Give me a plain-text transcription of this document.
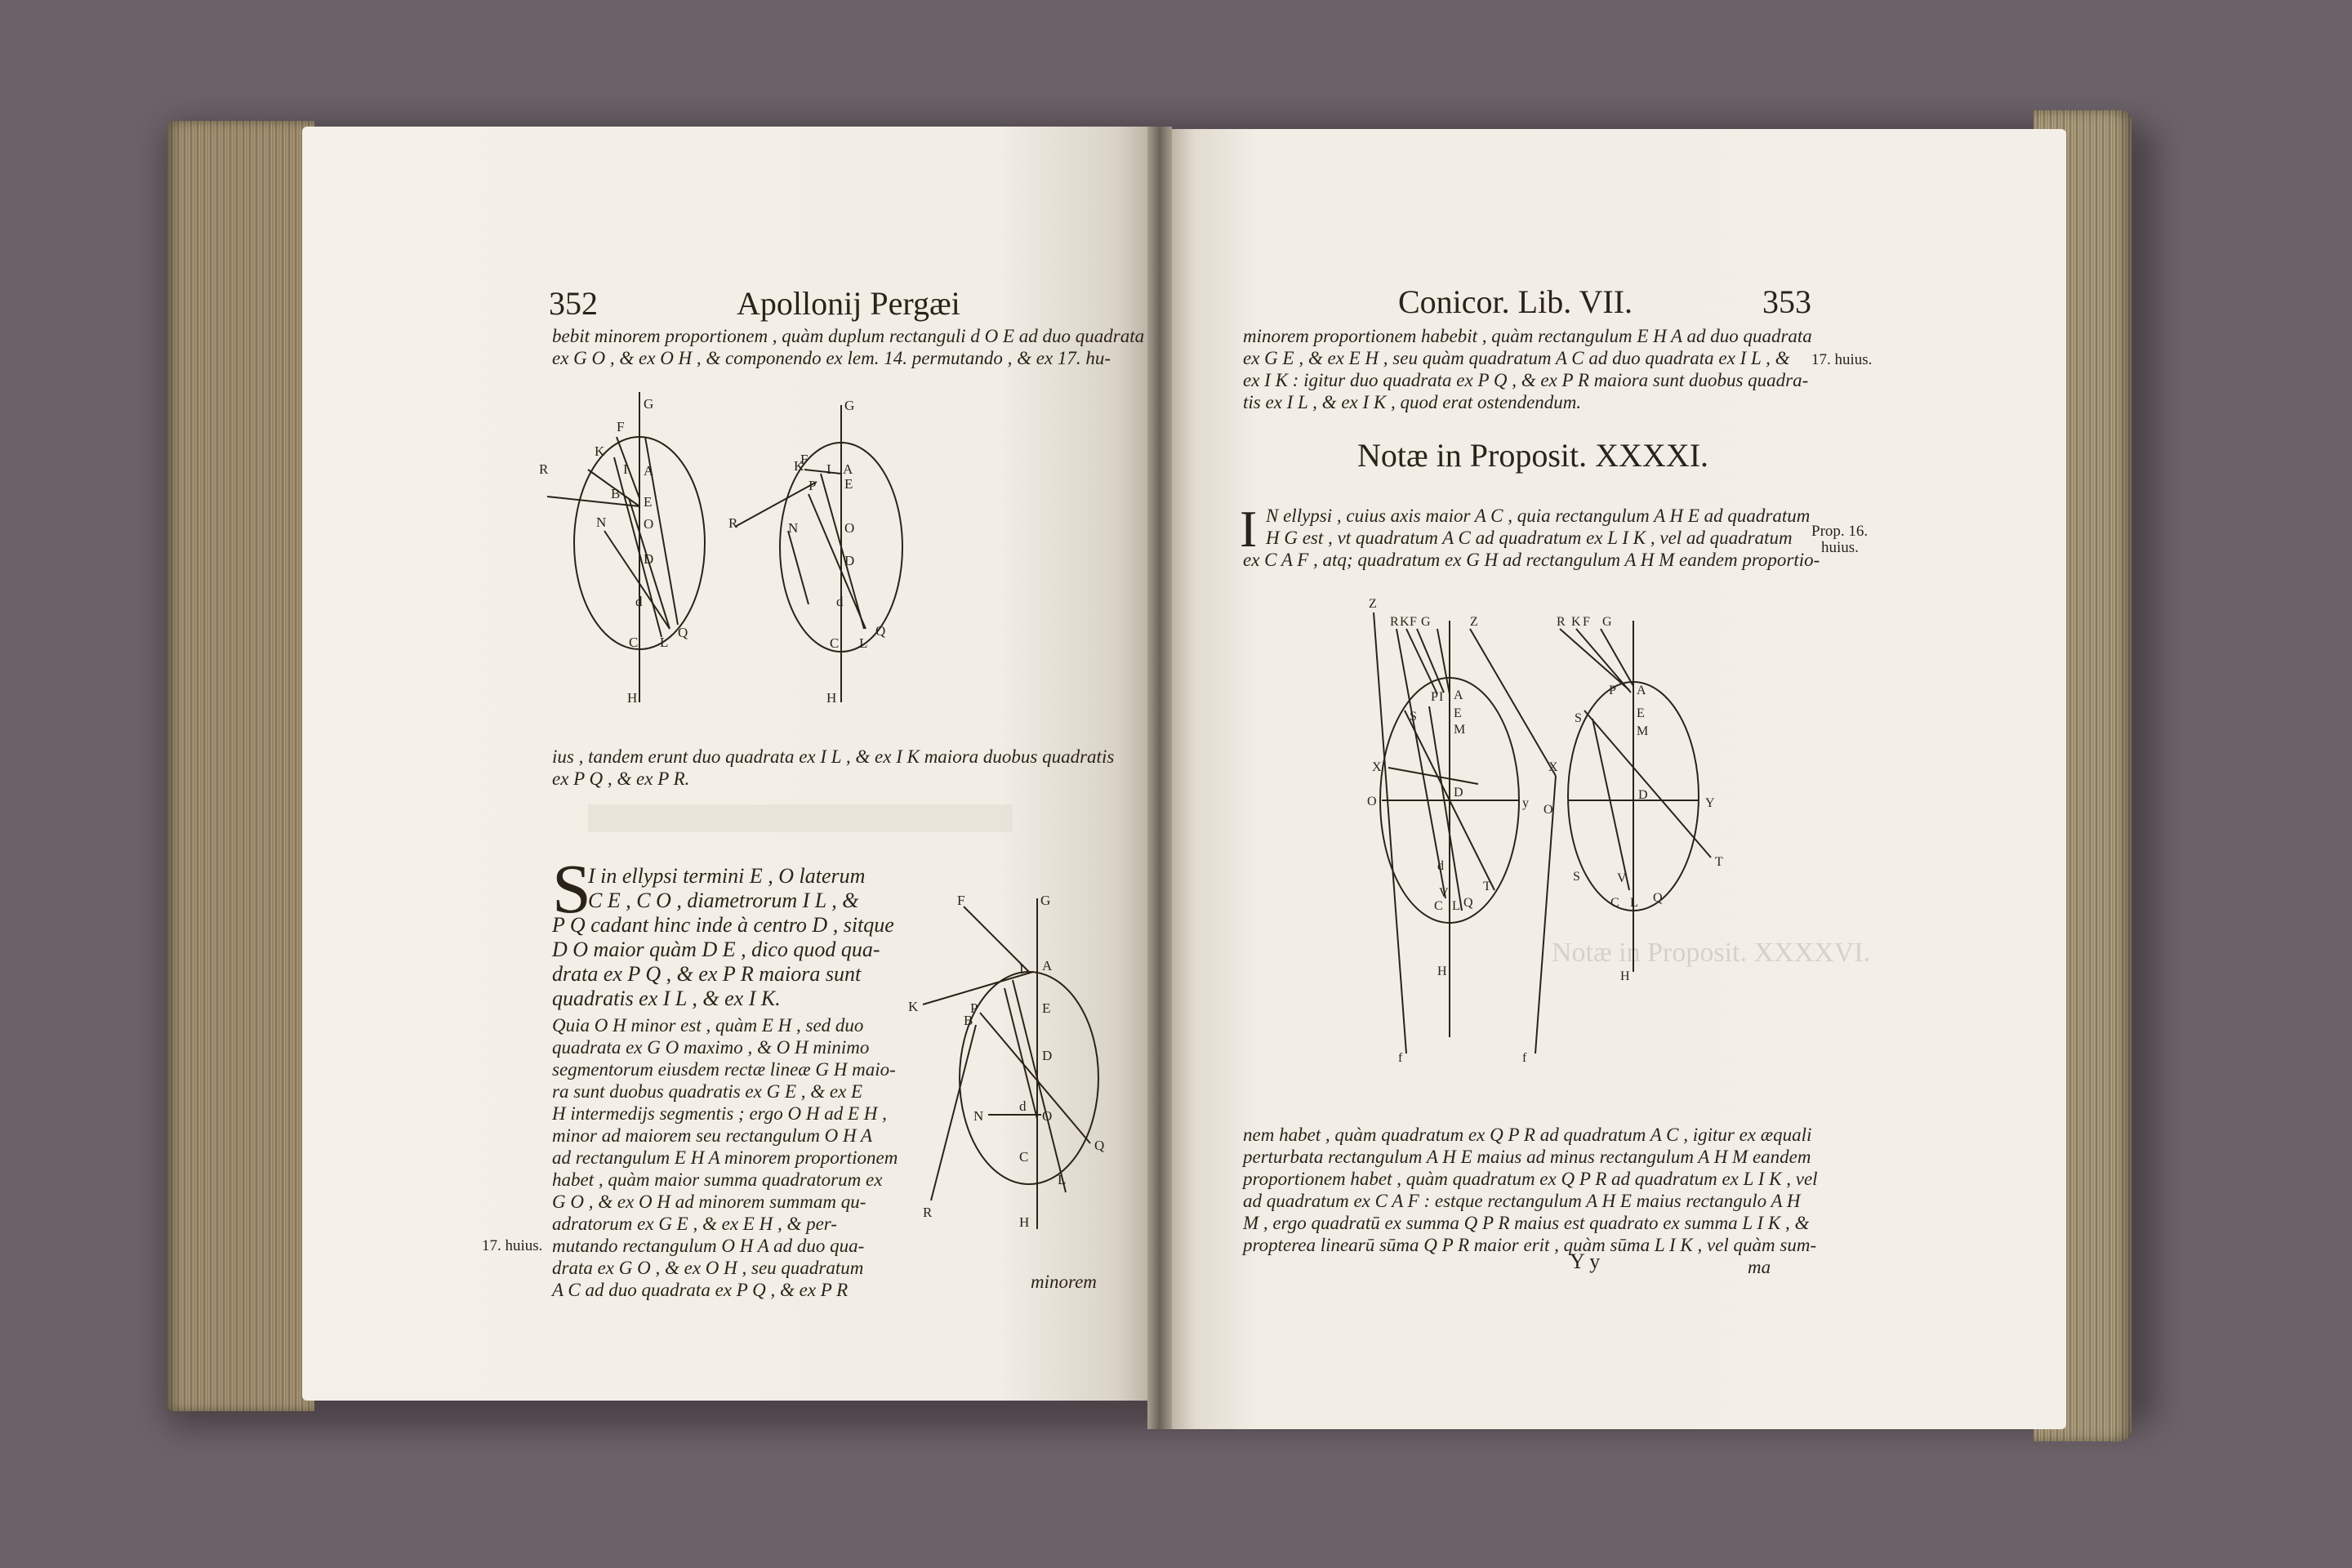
352	Apollonij Pergæi

bebit minorem proportionem , quàm duplum rectanguli d O E ad duo quadrata

ex G O , & ex O H , & componendo ex lem. 14. permutando , & ex 17. hu-

G
F
K
R	I A
B
E
N	O
D
d
C L
Q
H
G
K
F
I A
P E
R	N	O
D
d
C L
Q
H

ius , tandem erunt duo quadrata ex I L , & ex I K maiora duobus quadratis

ex P Q , & ex P R.

S

I in ellypsi termini E , O laterum

C E , C O , diametrorum I L , &

P Q cadant hinc inde à centro D , sitque

D O maior quàm D E , dico quod qua-

drata ex P Q , & ex P R maiora sunt

quadratis ex I L , & ex I K.

Quia O H minor est , quàm E H , sed duo

quadrata ex G O maximo , & O H minimo

segmentorum eiusdem rectæ lineæ G H maio-

ra sunt duobus quadratis ex G E , & ex E

H intermedijs segmentis ; ergo O H ad E H ,

minor ad maiorem seu rectangulum O H A

ad rectangulum E H A minorem proportionem

habet , quàm maior summa quadratorum ex

G O , & ex O H ad minorem summam qu-

adratorum ex G E , & ex E H , & per-

mutando rectangulum O H A ad duo qua-

drata ex G O , & ex O H , seu quadratum

A C ad duo quadrata ex P Q , & ex P R

17. huius.
F	G
I A
K	P
B
E
D
N
d
O
Q
C
L
R
H
minorem
Conicor. Lib. VII.	353

minorem proportionem habebit , quàm rectangulum E H A ad duo quadrata

ex G E , & ex E H , seu quàm quadratum A C ad duo quadrata ex I L , &

ex I K : igitur duo quadrata ex P Q , & ex P R maiora sunt duobus quadra-

tis ex I L , & ex I K , quod erat ostendendum.

17. huius.
Notæ in Proposit. XXXXI.
I N ellypsi , cuius axis maior A C , quia rectangulum A H E ad quadratum

H G est , vt quadratum A C ad quadratum ex L I K , vel ad quadratum

ex C A F , atq; quadratum ex G H ad rectangulum A H M eandem proportio-

Prop. 16.
huius.
Z
R K F G	Z
P I A
S	E
M
X
D
O	y
d
V	T
C L Q
H
f
R K F G
P A
S	E
M
X
D
O	Y
T
S	V
C L Q
H
f
Notæ in Proposit. XXXXVI.

nem habet , quàm quadratum ex Q P R ad quadratum A C , igitur ex æquali

perturbata rectangulum A H E maius ad minus rectangulum A H M eandem

proportionem habet , quàm quadratum ex Q P R ad quadratum ex L I K , vel

ad quadratum ex C A F : estque rectangulum A H E maius rectangulo A H

M , ergo quadratū ex summa Q P R maius est quadrato ex summa L I K , &

propterea linearū sūma Q P R maior erit , quàm sūma L I K , vel quàm sum-

Y y	ma
